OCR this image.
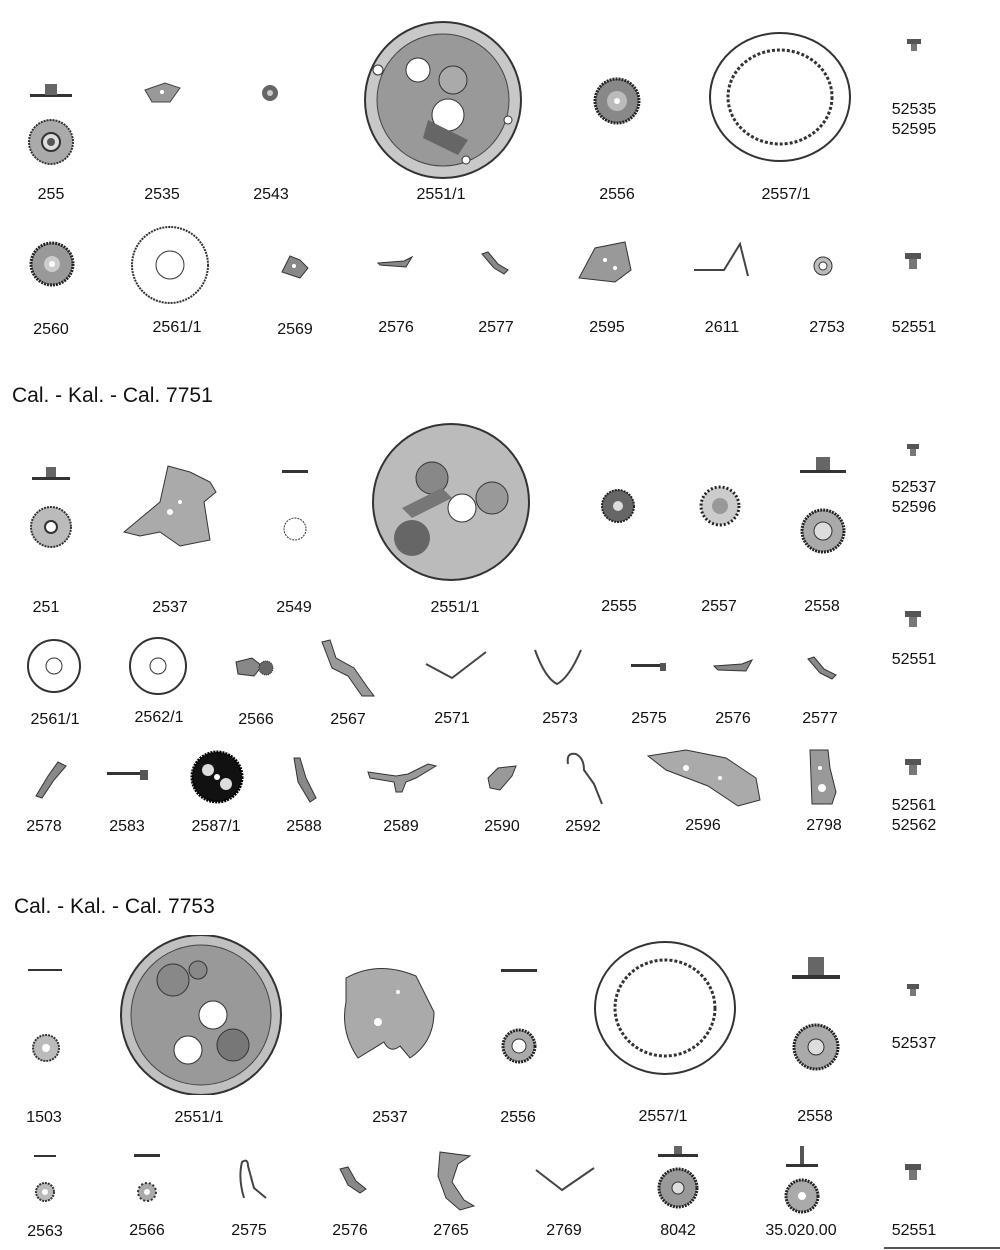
255	2535	2543	2551/1	2556	2557/1
52535
52595
2560	2561/1	2569	2576	2577	2595	2611	2753	52551
Cal. - Kal. - Cal. 7751
251	2537	2549	2551/1	2555	2557	2558
52537
52596
2561/1	2562/1	2566	2567	2571	2573	2575	2576	2577
52551
2578	2583	2587/1	2588	2589	2590	2592	2596	2798
52561
52562
Cal. - Kal. - Cal. 7753
1503	2551/1	2537	2556	2557/1	2558
52537
2563	2566	2575	2576	2765	2769	8042	35.020.00	52551
